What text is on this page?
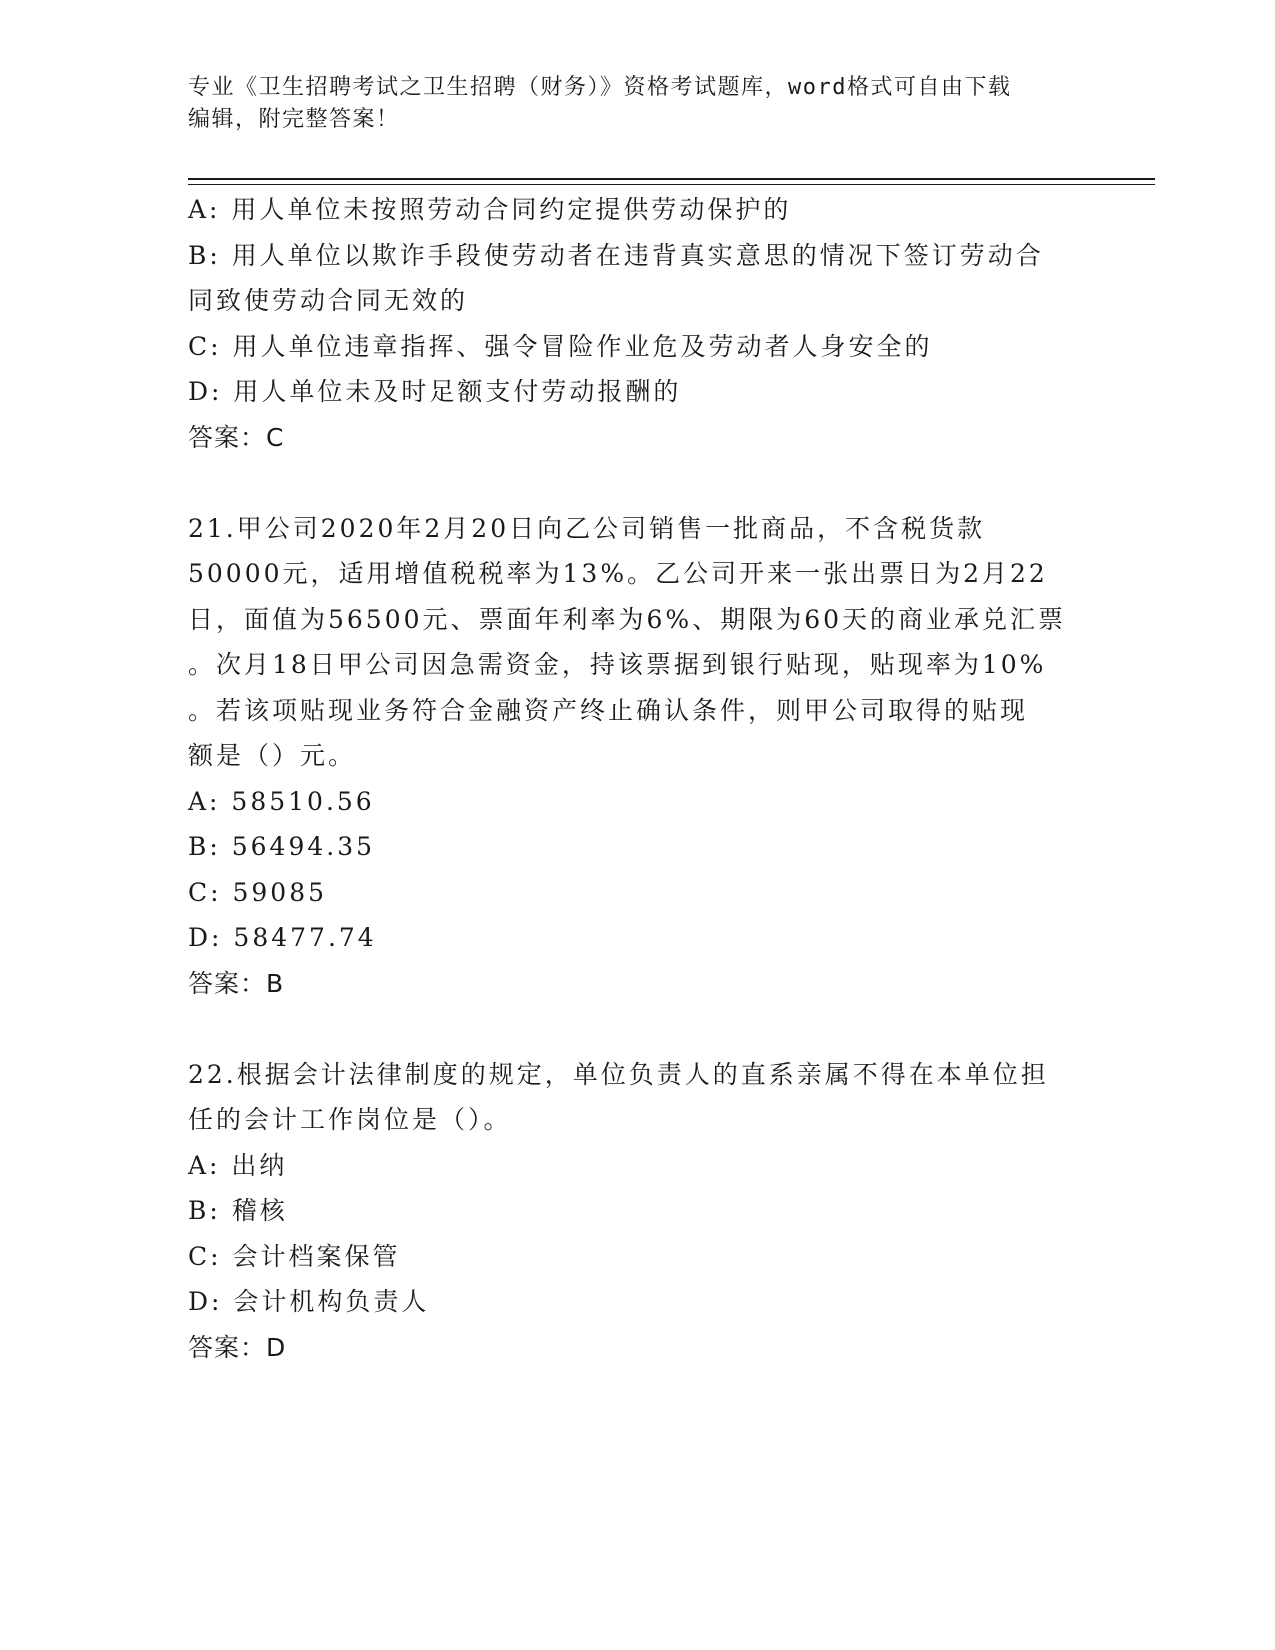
专业《卫生招聘考试之卫生招聘（财务）》资格考试题库，word格式可自由下载
编辑，附完整答案！
A: 用人单位未按照劳动合同约定提供劳动保护的
B: 用人单位以欺诈手段使劳动者在违背真实意思的情况下签订劳动合
同致使劳动合同无效的
C: 用人单位违章指挥、强令冒险作业危及劳动者人身安全的
D: 用人单位未及时足额支付劳动报酬的
答案：C
21.甲公司2020年2月20日向乙公司销售一批商品，不含税货款
50000元，适用增值税税率为13%。乙公司开来一张出票日为2月22
日，面值为56500元、票面年利率为6%、期限为60天的商业承兑汇票
。次月18日甲公司因急需资金，持该票据到银行贴现，贴现率为10%
。若该项贴现业务符合金融资产终止确认条件，则甲公司取得的贴现
额是（）元。
A: 58510.56
B: 56494.35
C: 59085
D: 58477.74
答案：B
22.根据会计法律制度的规定，单位负责人的直系亲属不得在本单位担
任的会计工作岗位是（）。
A: 出纳
B: 稽核
C: 会计档案保管
D: 会计机构负责人
答案：D
